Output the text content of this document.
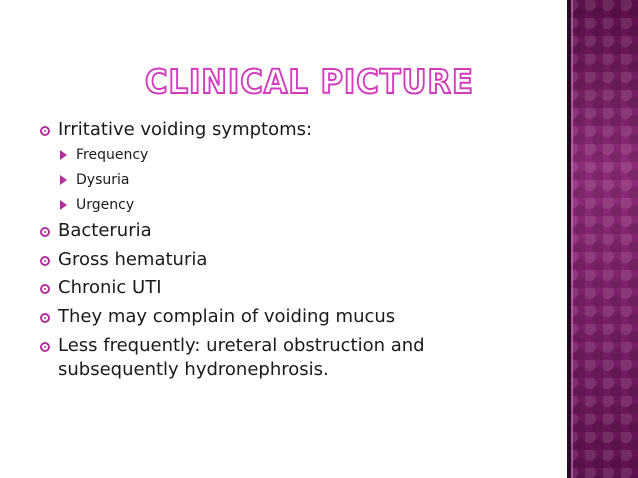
CLINICAL PICTURE
Irritative voiding symptoms:
Frequency
Dysuria
Urgency
Bacteruria
Gross hematuria
Chronic UTI
They may complain of voiding mucus
Less frequently: ureteral obstruction and
subsequently hydronephrosis.
